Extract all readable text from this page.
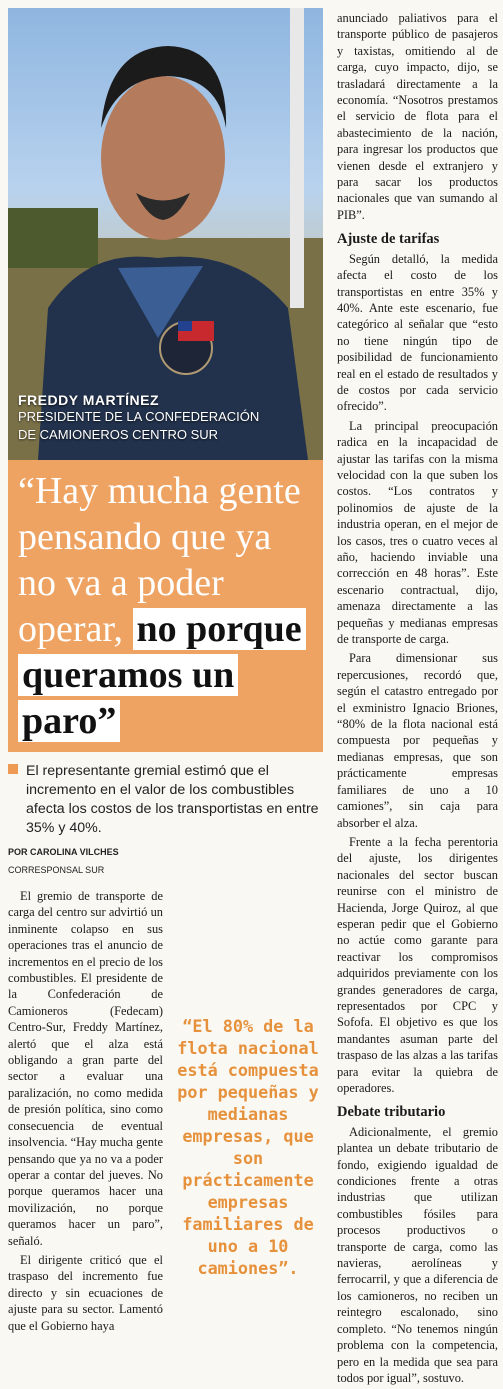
FREDDY MARTÍNEZ
PRESIDENTE DE LA CONFEDERACIÓN
DE CAMIONEROS CENTRO SUR
“Hay mucha gente pensando que ya no va a poder operar, no porque queramos un paro”
El representante gremial estimó que el incremento en el valor de los combustibles afecta los costos de los transportistas en entre 35% y 40%.
POR CAROLINA VILCHES
CORRESPONSAL SUR

El gremio de transporte de carga del centro sur advirtió un inminente colapso en sus operaciones tras el anuncio de incrementos en el precio de los combustibles. El presidente de la Confederación de Camioneros (Fedecam) Centro-Sur, Freddy Martínez, alertó que el alza está obligando a gran parte del sector a evaluar una paralización, no como medida de presión política, sino como consecuencia de eventual insolvencia. “Hay mucha gente pensando que ya no va a poder operar a contar del jueves. No porque queramos hacer una movilización, no porque queramos hacer un paro”, señaló.

El dirigente criticó que el traspaso del incremento fue directo y sin ecuaciones de ajuste para su sector. Lamentó que el Gobierno haya

“El 80% de la flota nacional está compuesta por pequeñas y medianas empresas, que son prácticamente empresas familiares de uno a 10 camiones”.

anunciado paliativos para el transporte público de pasajeros y taxistas, omitiendo al de carga, cuyo impacto, dijo, se trasladará directamente a la economía. “Nosotros prestamos el servicio de flota para el abastecimiento de la nación, para ingresar los productos que vienen desde el extranjero y para sacar los productos nacionales que van sumando al PIB”.

Ajuste de tarifas

Según detalló, la medida afecta el costo de los transportistas en entre 35% y 40%. Ante este escenario, fue categórico al señalar que “esto no tiene ningún tipo de posibilidad de funcionamiento real en el estado de resultados y de costos por cada servicio ofrecido”.

La principal preocupación radica en la incapacidad de ajustar las tarifas con la misma velocidad con la que suben los costos. “Los contratos y polinomios de ajuste de la industria operan, en el mejor de los casos, tres o cuatro veces al año, haciendo inviable una corrección en 48 horas”. Este escenario contractual, dijo, amenaza directamente a las pequeñas y medianas empresas de transporte de carga.

Para dimensionar sus repercusiones, recordó que, según el catastro entregado por el exministro Ignacio Briones, “80% de la flota nacional está compuesta por pequeñas y medianas empresas, que son prácticamente empresas familiares de uno a 10 camiones”, sin caja para absorber el alza.

Frente a la fecha perentoria del ajuste, los dirigentes nacionales del sector buscan reunirse con el ministro de Hacienda, Jorge Quiroz, al que esperan pedir que el Gobierno no actúe como garante para reactivar los compromisos adquiridos previamente con los grandes generadores de carga, representados por CPC y Sofofa. El objetivo es que los mandantes asuman parte del traspaso de las alzas a las tarifas para evitar la quiebra de operadores.

Debate tributario

Adicionalmente, el gremio plantea un debate tributario de fondo, exigiendo igualdad de condiciones frente a otras industrias que utilizan combustibles fósiles para procesos productivos o transporte de carga, como las navieras, aerolíneas y ferrocarril, y que a diferencia de los camioneros, no reciben un reintegro escalonado, sino completo. “No tenemos ningún problema con la competencia, pero en la medida que sea para todos por igual”, sostuvo.
